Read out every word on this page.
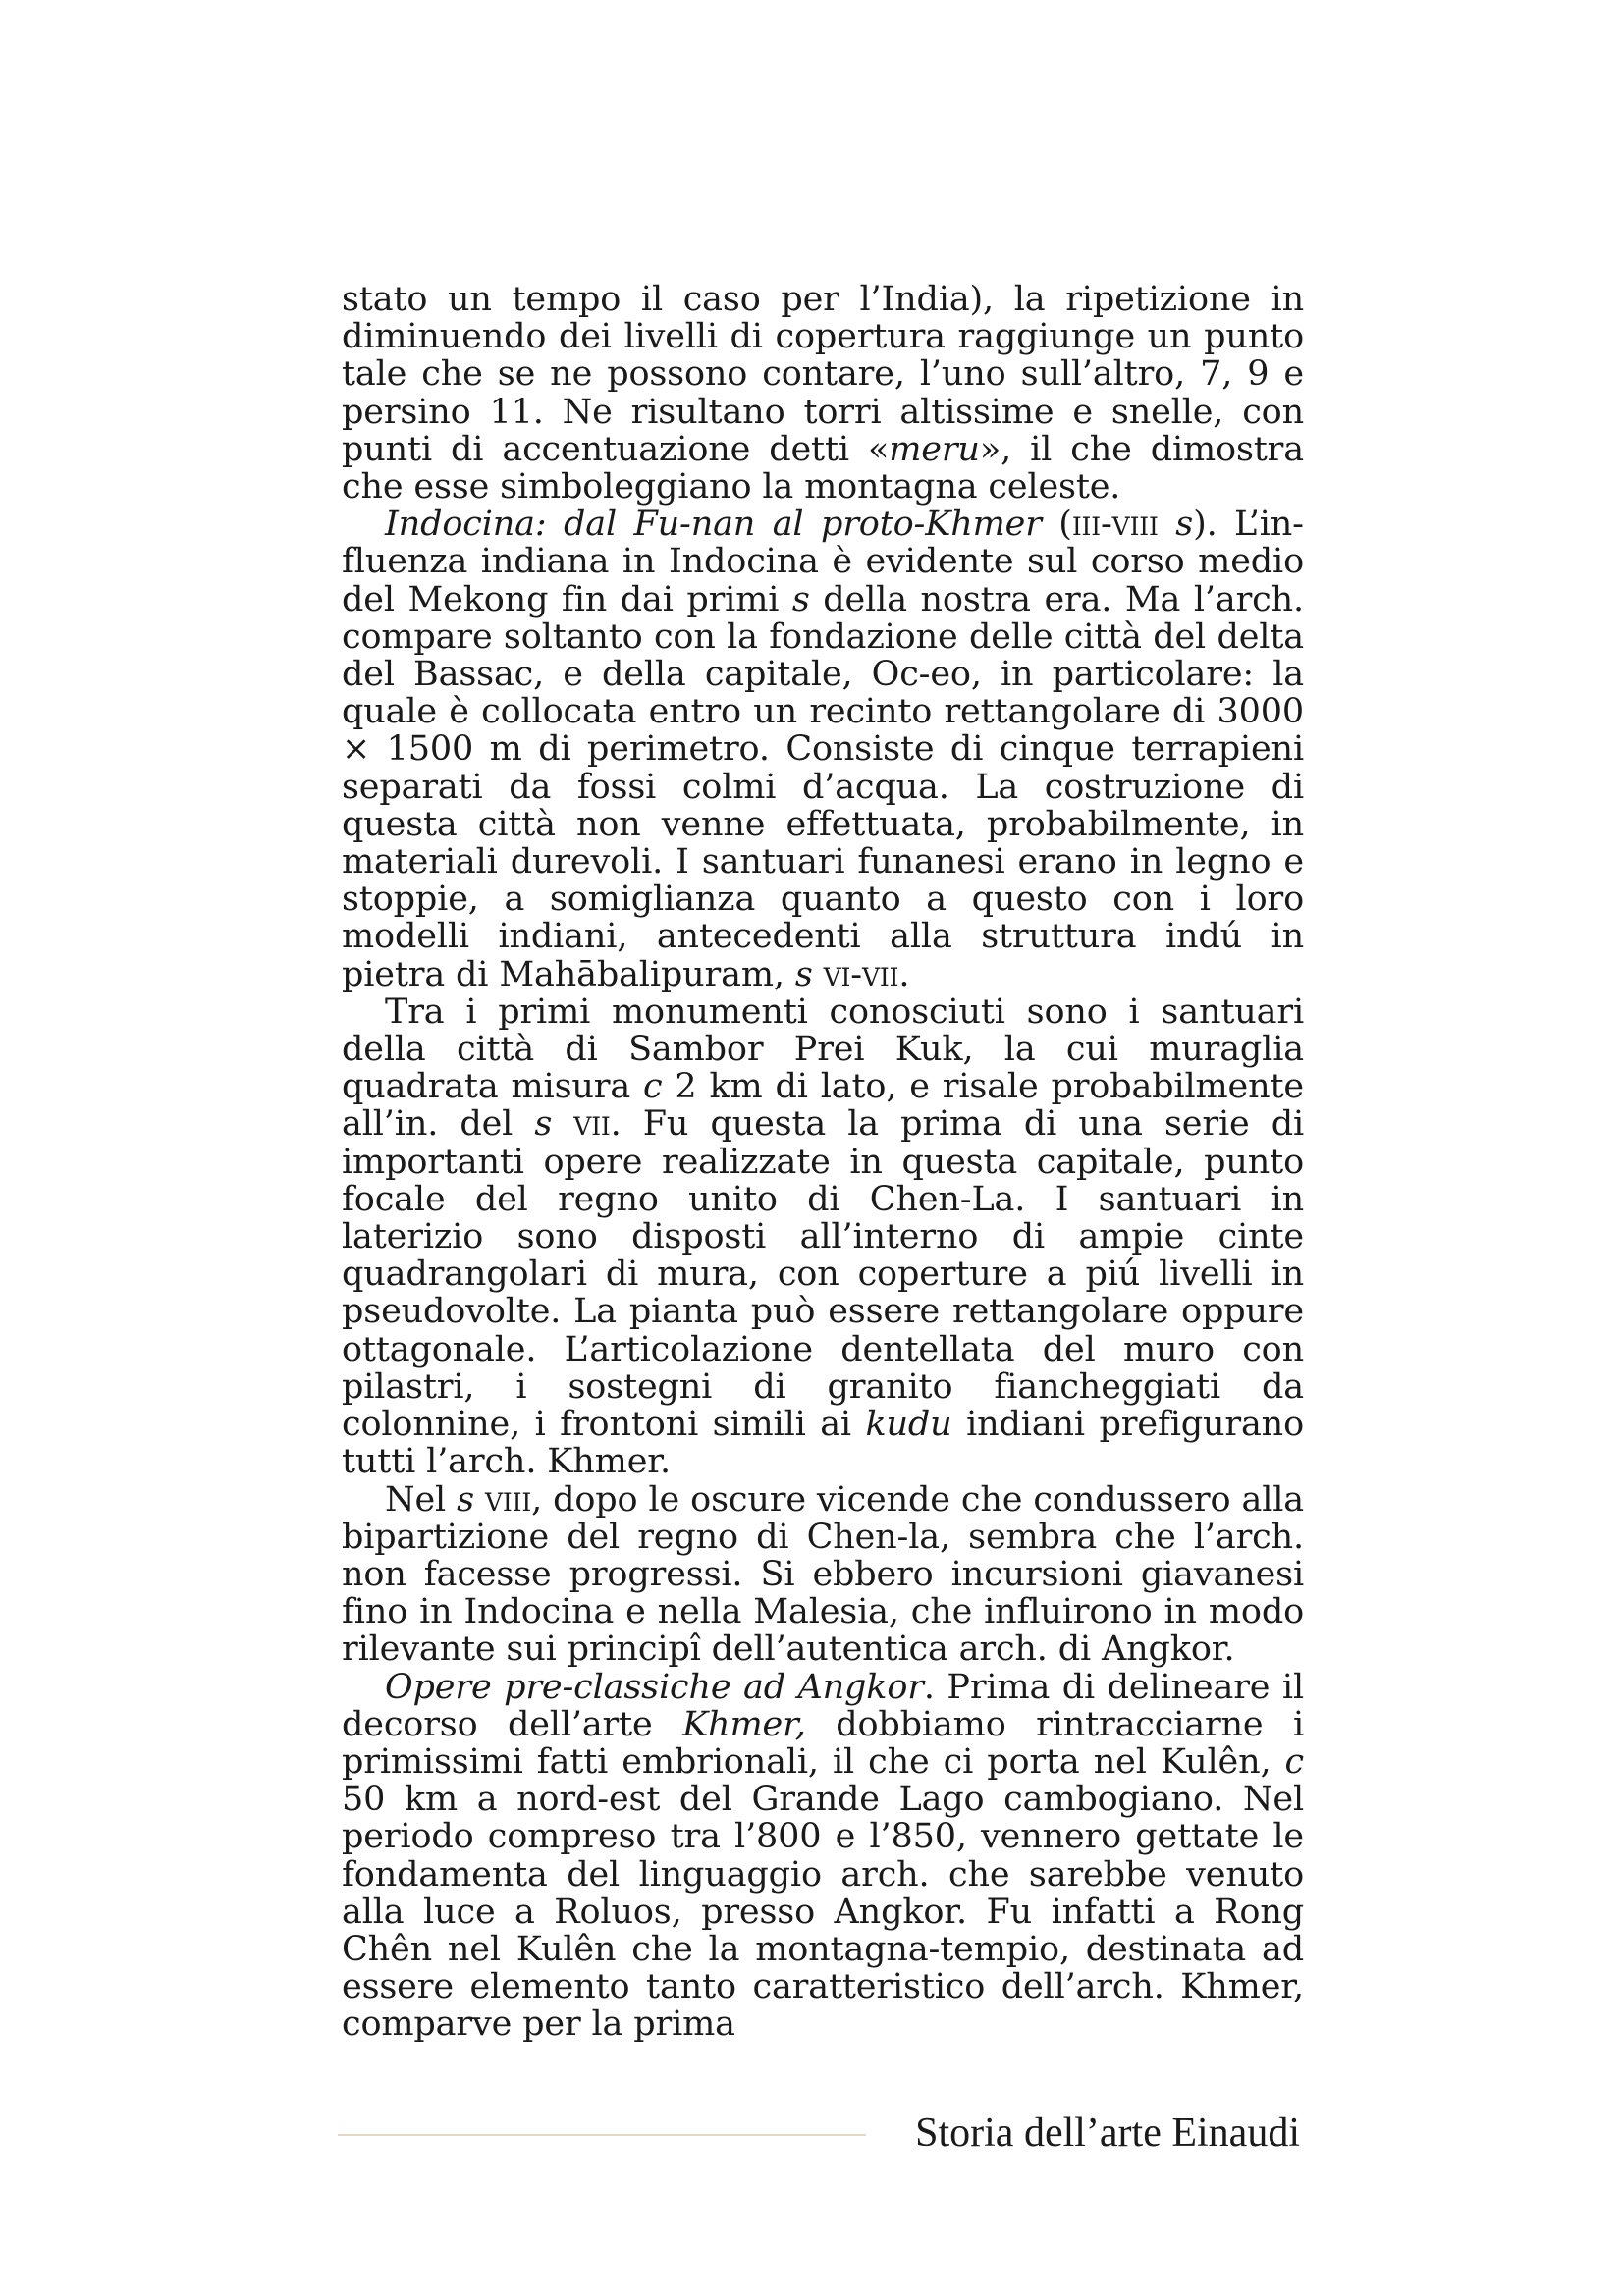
stato un tempo il caso per l’India), la ripetizione in diminuendo dei livelli di copertura raggiunge un punto tale che se ne possono contare, l’uno sull’altro, 7, 9 e persino 11. Ne risultano torri altissime e snelle, con punti di accentuazione detti «meru», il che dimostra che esse simboleggiano la montagna celeste.

Indocina: dal Fu-nan al proto-Khmer (iii-viii s). L’influenza indiana in Indocina è evidente sul corso medio del Mekong fin dai primi s della nostra era. Ma l’arch. compare soltanto con la fondazione delle città del delta del Bassac, e della capitale, Oc-eo, in particolare: la quale è collocata entro un recinto rettangolare di 3000 × 1500 m di perimetro. Consiste di cinque terrapieni separati da fossi colmi d’acqua. La costruzione di questa città non venne effettuata, probabilmente, in materiali durevoli. I santuari funanesi erano in legno e stoppie, a somiglianza quanto a questo con i loro modelli indiani, antecedenti alla struttura indú in pietra di Mahābalipuram, s vi-vii.

Tra i primi monumenti conosciuti sono i santuari della città di Sambor Prei Kuk, la cui muraglia quadrata misura c 2 km di lato, e risale probabilmente all’in. del s vii. Fu questa la prima di una serie di importanti opere realizzate in questa capitale, punto focale del regno unito di Chen-La. I santuari in laterizio sono disposti all’interno di ampie cinte quadrangolari di mura, con coperture a piú livelli in pseudovolte. La pianta può essere rettangolare oppure ottagonale. L’articolazione dentellata del muro con pilastri, i sostegni di granito fiancheggiati da colonnine, i frontoni simili ai kudu indiani prefigurano tutti l’arch. Khmer.

Nel s viii, dopo le oscure vicende che condussero alla bipartizione del regno di Chen-la, sembra che l’arch. non facesse progressi. Si ebbero incursioni giavanesi fino in Indocina e nella Malesia, che influirono in modo rilevante sui principî dell’autentica arch. di Angkor.

Opere pre-classiche ad Angkor. Prima di delineare il decorso dell’arte Khmer, dobbiamo rintracciarne i primissimi fatti embrionali, il che ci porta nel Kulên, c 50 km a nord-est del Grande Lago cambogiano. Nel periodo compreso tra l’800 e l’850, vennero gettate le fondamenta del linguaggio arch. che sarebbe venuto alla luce a Roluos, presso Angkor. Fu infatti a Rong Chên nel Kulên che la montagna-tempio, destinata ad essere elemento tanto caratteristico dell’arch. Khmer, comparve per la prima

Storia dell’arte Einaudi
